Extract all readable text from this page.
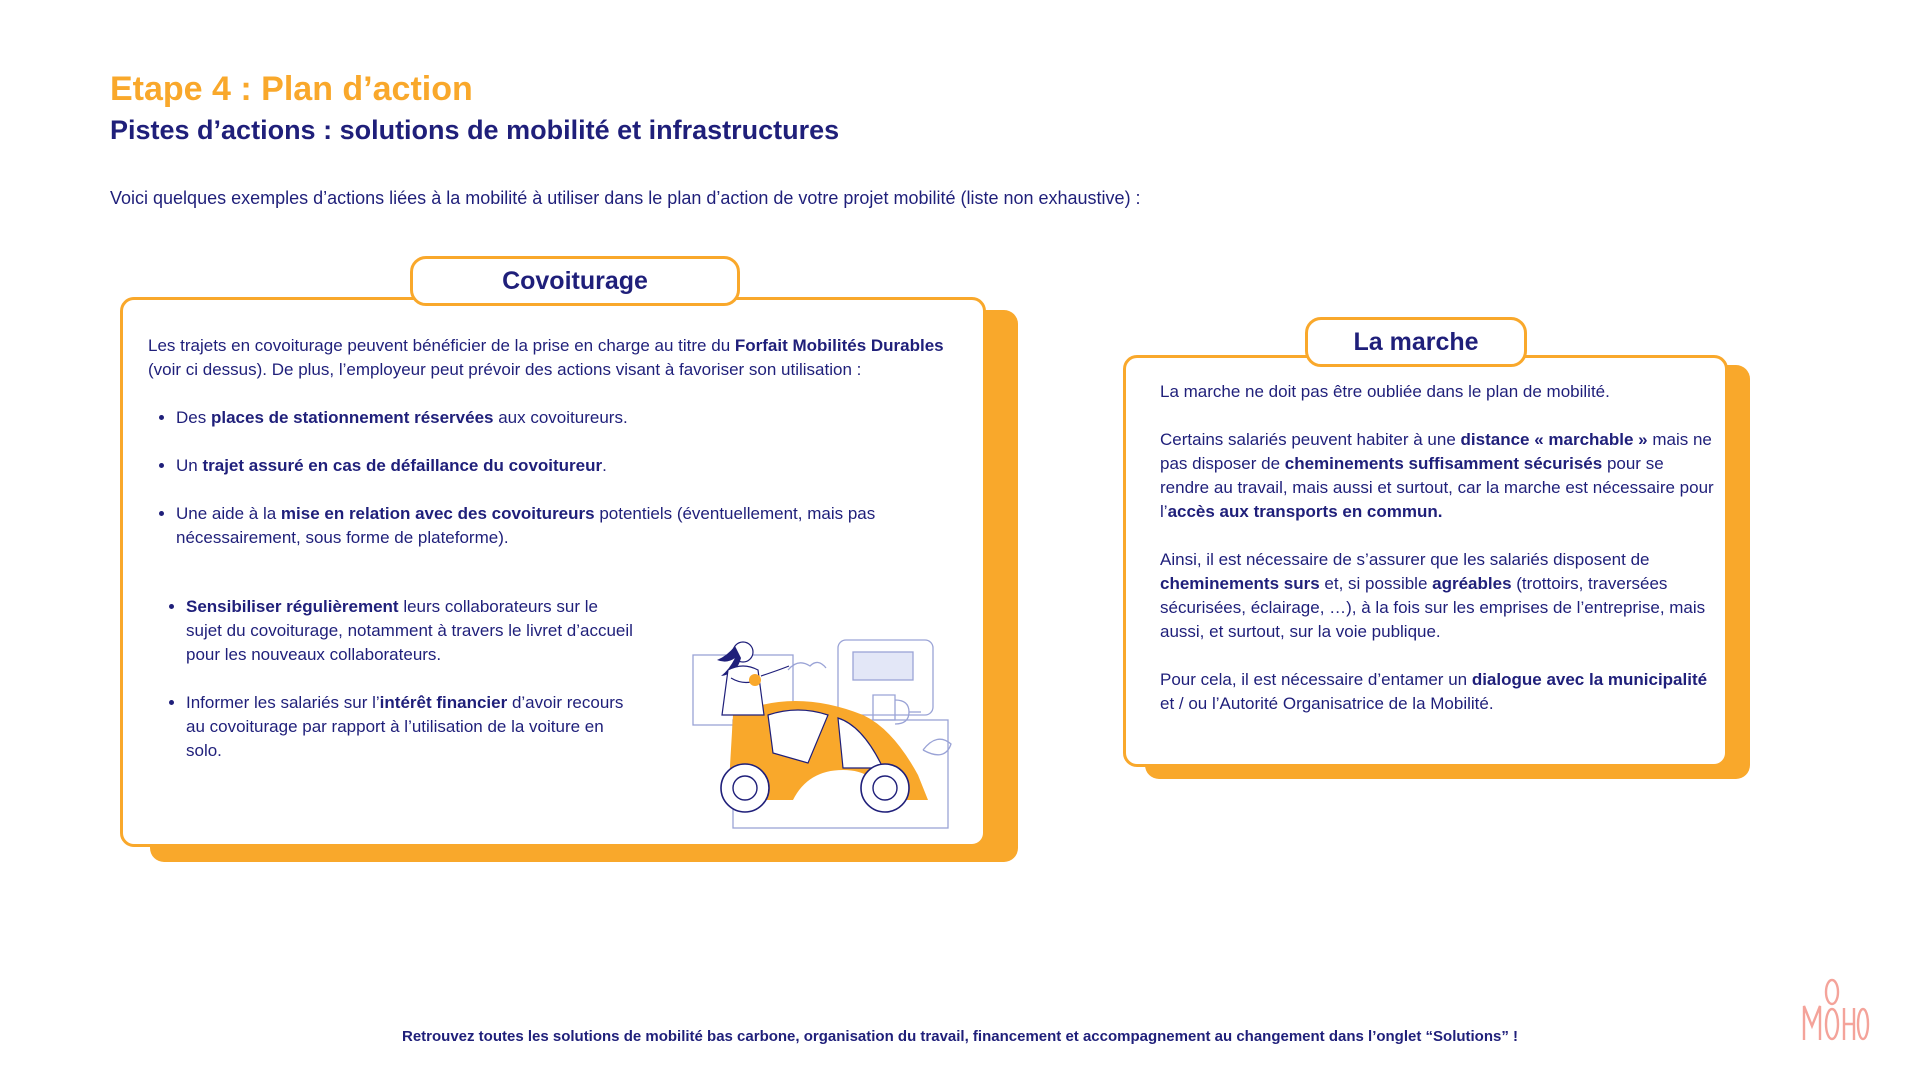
Etape 4 : Plan d’action
Pistes d’actions : solutions de mobilité et infrastructures

Voici quelques exemples d’actions liées à la mobilité à utiliser dans le plan d’action de votre projet mobilité (liste non exhaustive) :

Les trajets en covoiturage peuvent bénéficier de la prise en charge au titre du Forfait Mobilités Durables (voir ci dessus). De plus, l’employeur peut prévoir des actions visant à favoriser son utilisation :

• Des places de stationnement réservées aux covoitureurs.
• Un trajet assuré en cas de défaillance du covoitureur.
• Une aide à la mise en relation avec des covoitureurs potentiels (éventuellement, mais pas nécessairement, sous forme de plateforme).
• Sensibiliser régulièrement leurs collaborateurs sur le sujet du covoiturage, notamment à travers le livret d’accueil pour les nouveaux collaborateurs.
• Informer les salariés sur l’intérêt financier d’avoir recours au covoiturage par rapport à l’utilisation de la voiture en solo.
Covoiturage

La marche ne doit pas être oubliée dans le plan de mobilité.

Certains salariés peuvent habiter à une distance « marchable » mais ne pas disposer de cheminements suffisamment sécurisés pour se rendre au travail, mais aussi et surtout, car la marche est nécessaire pour l’accès aux transports en commun.

Ainsi, il est nécessaire de s’assurer que les salariés disposent de cheminements surs et, si possible agréables (trottoirs, traversées sécurisées, éclairage, …), à la fois sur les emprises de l’entreprise, mais aussi, et surtout, sur la voie publique.

Pour cela, il est nécessaire d’entamer un dialogue avec la municipalité et / ou l’Autorité Organisatrice de la Mobilité.

La marche
Retrouvez toutes les solutions de mobilité bas carbone, organisation du travail, financement et accompagnement au changement dans l’onglet “Solutions” !
